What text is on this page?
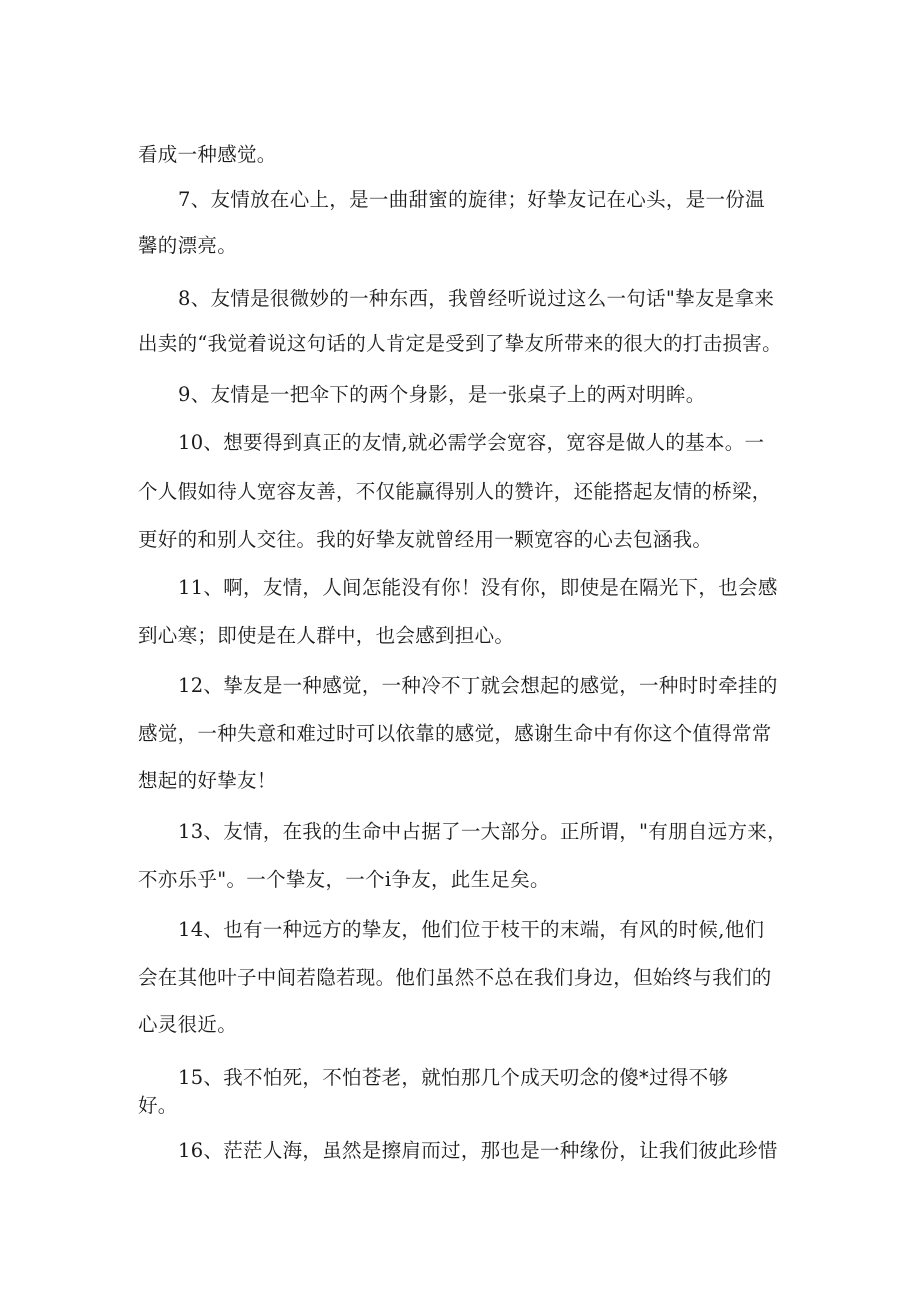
看成一种感觉。
7、友情放在心上，是一曲甜蜜的旋律；好挚友记在心头，是一份温
馨的漂亮。
8、友情是很微妙的一种东西，我曾经听说过这么一句话"挚友是拿来
出卖的“我觉着说这句话的人肯定是受到了挚友所带来的很大的打击损害。
9、友情是一把伞下的两个身影，是一张桌子上的两对明眸。
10、想要得到真正的友情,就必需学会宽容，宽容是做人的基本。一
个人假如待人宽容友善，不仅能赢得别人的赞许，还能搭起友情的桥梁，
更好的和别人交往。我的好挚友就曾经用一颗宽容的心去包涵我。
11、啊，友情，人间怎能没有你！没有你，即使是在隔光下，也会感
到心寒；即使是在人群中，也会感到担心。
12、挚友是一种感觉，一种冷不丁就会想起的感觉，一种时时牵挂的
感觉，一种失意和难过时可以依靠的感觉，感谢生命中有你这个值得常常
想起的好挚友！
13、友情，在我的生命中占据了一大部分。正所谓，"有朋自远方来，
不亦乐乎"。一个挚友，一个i争友，此生足矣。
14、也有一种远方的挚友，他们位于枝干的末端，有风的时候,他们
会在其他叶子中间若隐若现。他们虽然不总在我们身边，但始终与我们的
心灵很近。
15、我不怕死，不怕苍老，就怕那几个成天叨念的傻*过得不够
好。
16、茫茫人海，虽然是擦肩而过，那也是一种缘份，让我们彼此珍惜
